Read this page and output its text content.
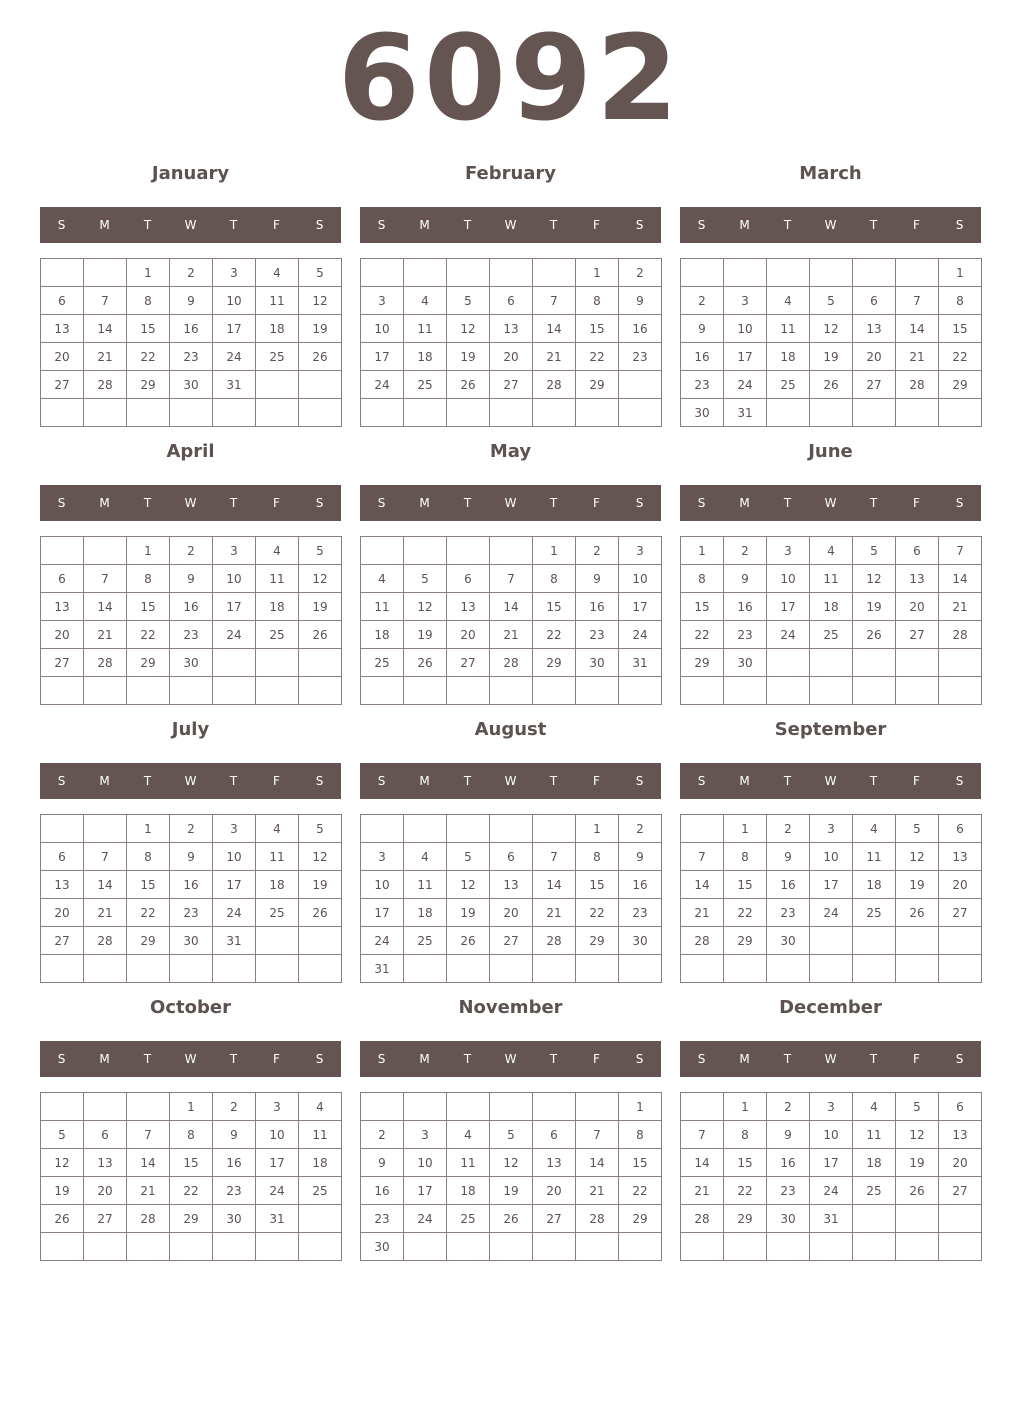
6092
January
S	M	T	W	T	F	S
		1	2	3	4	5
6	7	8	9	10	11	12
13	14	15	16	17	18	19
20	21	22	23	24	25	26
27	28	29	30	31		

February
S	M	T	W	T	F	S
					1	2
3	4	5	6	7	8	9
10	11	12	13	14	15	16
17	18	19	20	21	22	23
24	25	26	27	28	29	

March
S	M	T	W	T	F	S
						1
2	3	4	5	6	7	8
9	10	11	12	13	14	15
16	17	18	19	20	21	22
23	24	25	26	27	28	29
30	31					
April
S	M	T	W	T	F	S
		1	2	3	4	5
6	7	8	9	10	11	12
13	14	15	16	17	18	19
20	21	22	23	24	25	26
27	28	29	30			

May
S	M	T	W	T	F	S
				1	2	3
4	5	6	7	8	9	10
11	12	13	14	15	16	17
18	19	20	21	22	23	24
25	26	27	28	29	30	31

June
S	M	T	W	T	F	S
1	2	3	4	5	6	7
8	9	10	11	12	13	14
15	16	17	18	19	20	21
22	23	24	25	26	27	28
29	30					

July
S	M	T	W	T	F	S
		1	2	3	4	5
6	7	8	9	10	11	12
13	14	15	16	17	18	19
20	21	22	23	24	25	26
27	28	29	30	31		

August
S	M	T	W	T	F	S
					1	2
3	4	5	6	7	8	9
10	11	12	13	14	15	16
17	18	19	20	21	22	23
24	25	26	27	28	29	30
31						
September
S	M	T	W	T	F	S
	1	2	3	4	5	6
7	8	9	10	11	12	13
14	15	16	17	18	19	20
21	22	23	24	25	26	27
28	29	30				

October
S	M	T	W	T	F	S
			1	2	3	4
5	6	7	8	9	10	11
12	13	14	15	16	17	18
19	20	21	22	23	24	25
26	27	28	29	30	31	

November
S	M	T	W	T	F	S
						1
2	3	4	5	6	7	8
9	10	11	12	13	14	15
16	17	18	19	20	21	22
23	24	25	26	27	28	29
30						
December
S	M	T	W	T	F	S
	1	2	3	4	5	6
7	8	9	10	11	12	13
14	15	16	17	18	19	20
21	22	23	24	25	26	27
28	29	30	31			
